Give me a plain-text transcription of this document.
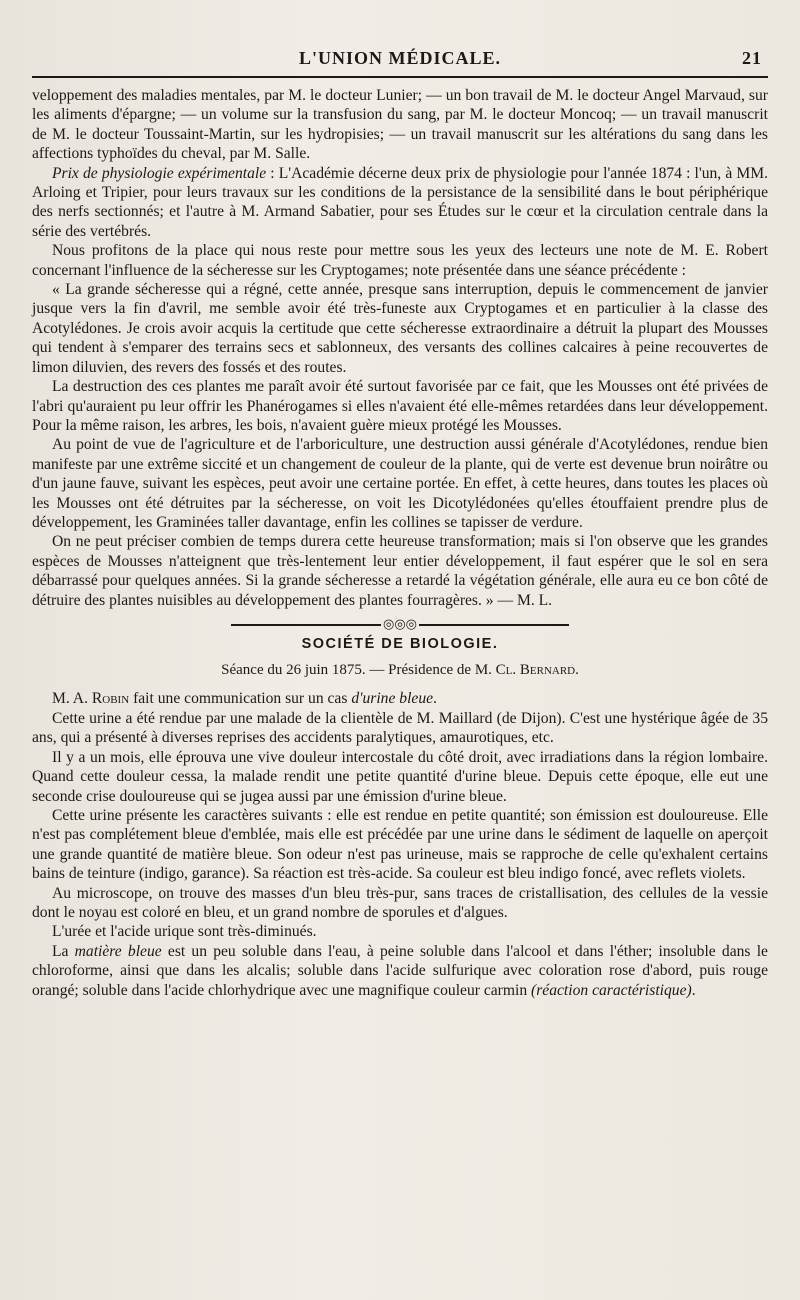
L'UNION MÉDICALE.	21

veloppement des maladies mentales, par M. le docteur Lunier; — un bon travail de M. le docteur Angel Marvaud, sur les aliments d'épargne; — un volume sur la transfusion du sang, par M. le docteur Moncoq; — un travail manuscrit de M. le docteur Toussaint-Martin, sur les hydropisies; — un travail manuscrit sur les altérations du sang dans les affections typhoïdes du cheval, par M. Salle.

Prix de physiologie expérimentale : L'Académie décerne deux prix de physiologie pour l'année 1874 : l'un, à MM. Arloing et Tripier, pour leurs travaux sur les conditions de la persistance de la sensibilité dans le bout périphérique des nerfs sectionnés; et l'autre à M. Armand Sabatier, pour ses Études sur le cœur et la circulation centrale dans la série des vertébrés.

Nous profitons de la place qui nous reste pour mettre sous les yeux des lecteurs une note de M. E. Robert concernant l'influence de la sécheresse sur les Cryptogames; note présentée dans une séance précédente :

« La grande sécheresse qui a régné, cette année, presque sans interruption, depuis le commencement de janvier jusque vers la fin d'avril, me semble avoir été très-funeste aux Cryptogames et en particulier à la classe des Acotylédones. Je crois avoir acquis la certitude que cette sécheresse extraordinaire a détruit la plupart des Mousses qui tendent à s'emparer des terrains secs et sablonneux, des versants des collines calcaires à peine recouvertes de limon diluvien, des revers des fossés et des routes.

La destruction des ces plantes me paraît avoir été surtout favorisée par ce fait, que les Mousses ont été privées de l'abri qu'auraient pu leur offrir les Phanérogames si elles n'avaient été elle-mêmes retardées dans leur développement. Pour la même raison, les arbres, les bois, n'avaient guère mieux protégé les Mousses.

Au point de vue de l'agriculture et de l'arboriculture, une destruction aussi générale d'Acotylédones, rendue bien manifeste par une extrême siccité et un changement de couleur de la plante, qui de verte est devenue brun noirâtre ou d'un jaune fauve, suivant les espèces, peut avoir une certaine portée. En effet, à cette heures, dans toutes les places où les Mousses ont été détruites par la sécheresse, on voit les Dicotylédonées qu'elles étouffaient prendre plus de développement, les Graminées taller davantage, enfin les collines se tapisser de verdure.

On ne peut préciser combien de temps durera cette heureuse transformation; mais si l'on observe que les grandes espèces de Mousses n'atteignent que très-lentement leur entier développement, il faut espérer que le sol en sera débarrassé pour quelques années. Si la grande sécheresse a retardé la végétation générale, elle aura eu ce bon côté de détruire des plantes nuisibles au développement des plantes fourragères. » — M. L.

◎◎◎
SOCIÉTÉ DE BIOLOGIE.
Séance du 26 juin 1875. — Présidence de M. Cl. Bernard.

M. A. Robin fait une communication sur un cas d'urine bleue.

Cette urine a été rendue par une malade de la clientèle de M. Maillard (de Dijon). C'est une hystérique âgée de 35 ans, qui a présenté à diverses reprises des accidents paralytiques, amaurotiques, etc.

Il y a un mois, elle éprouva une vive douleur intercostale du côté droit, avec irradiations dans la région lombaire. Quand cette douleur cessa, la malade rendit une petite quantité d'urine bleue. Depuis cette époque, elle eut une seconde crise douloureuse qui se jugea aussi par une émission d'urine bleue.

Cette urine présente les caractères suivants : elle est rendue en petite quantité; son émission est douloureuse. Elle n'est pas complétement bleue d'emblée, mais elle est précédée par une urine dans le sédiment de laquelle on aperçoit une grande quantité de matière bleue. Son odeur n'est pas urineuse, mais se rapproche de celle qu'exhalent certains bains de teinture (indigo, garance). Sa réaction est très-acide. Sa couleur est bleu indigo foncé, avec reflets violets.

Au microscope, on trouve des masses d'un bleu très-pur, sans traces de cristallisation, des cellules de la vessie dont le noyau est coloré en bleu, et un grand nombre de sporules et d'algues.

L'urée et l'acide urique sont très-diminués.

La matière bleue est un peu soluble dans l'eau, à peine soluble dans l'alcool et dans l'éther; insoluble dans le chloroforme, ainsi que dans les alcalis; soluble dans l'acide sulfurique avec coloration rose d'abord, puis rouge orangé; soluble dans l'acide chlorhydrique avec une magnifique couleur carmin (réaction caractéristique).
